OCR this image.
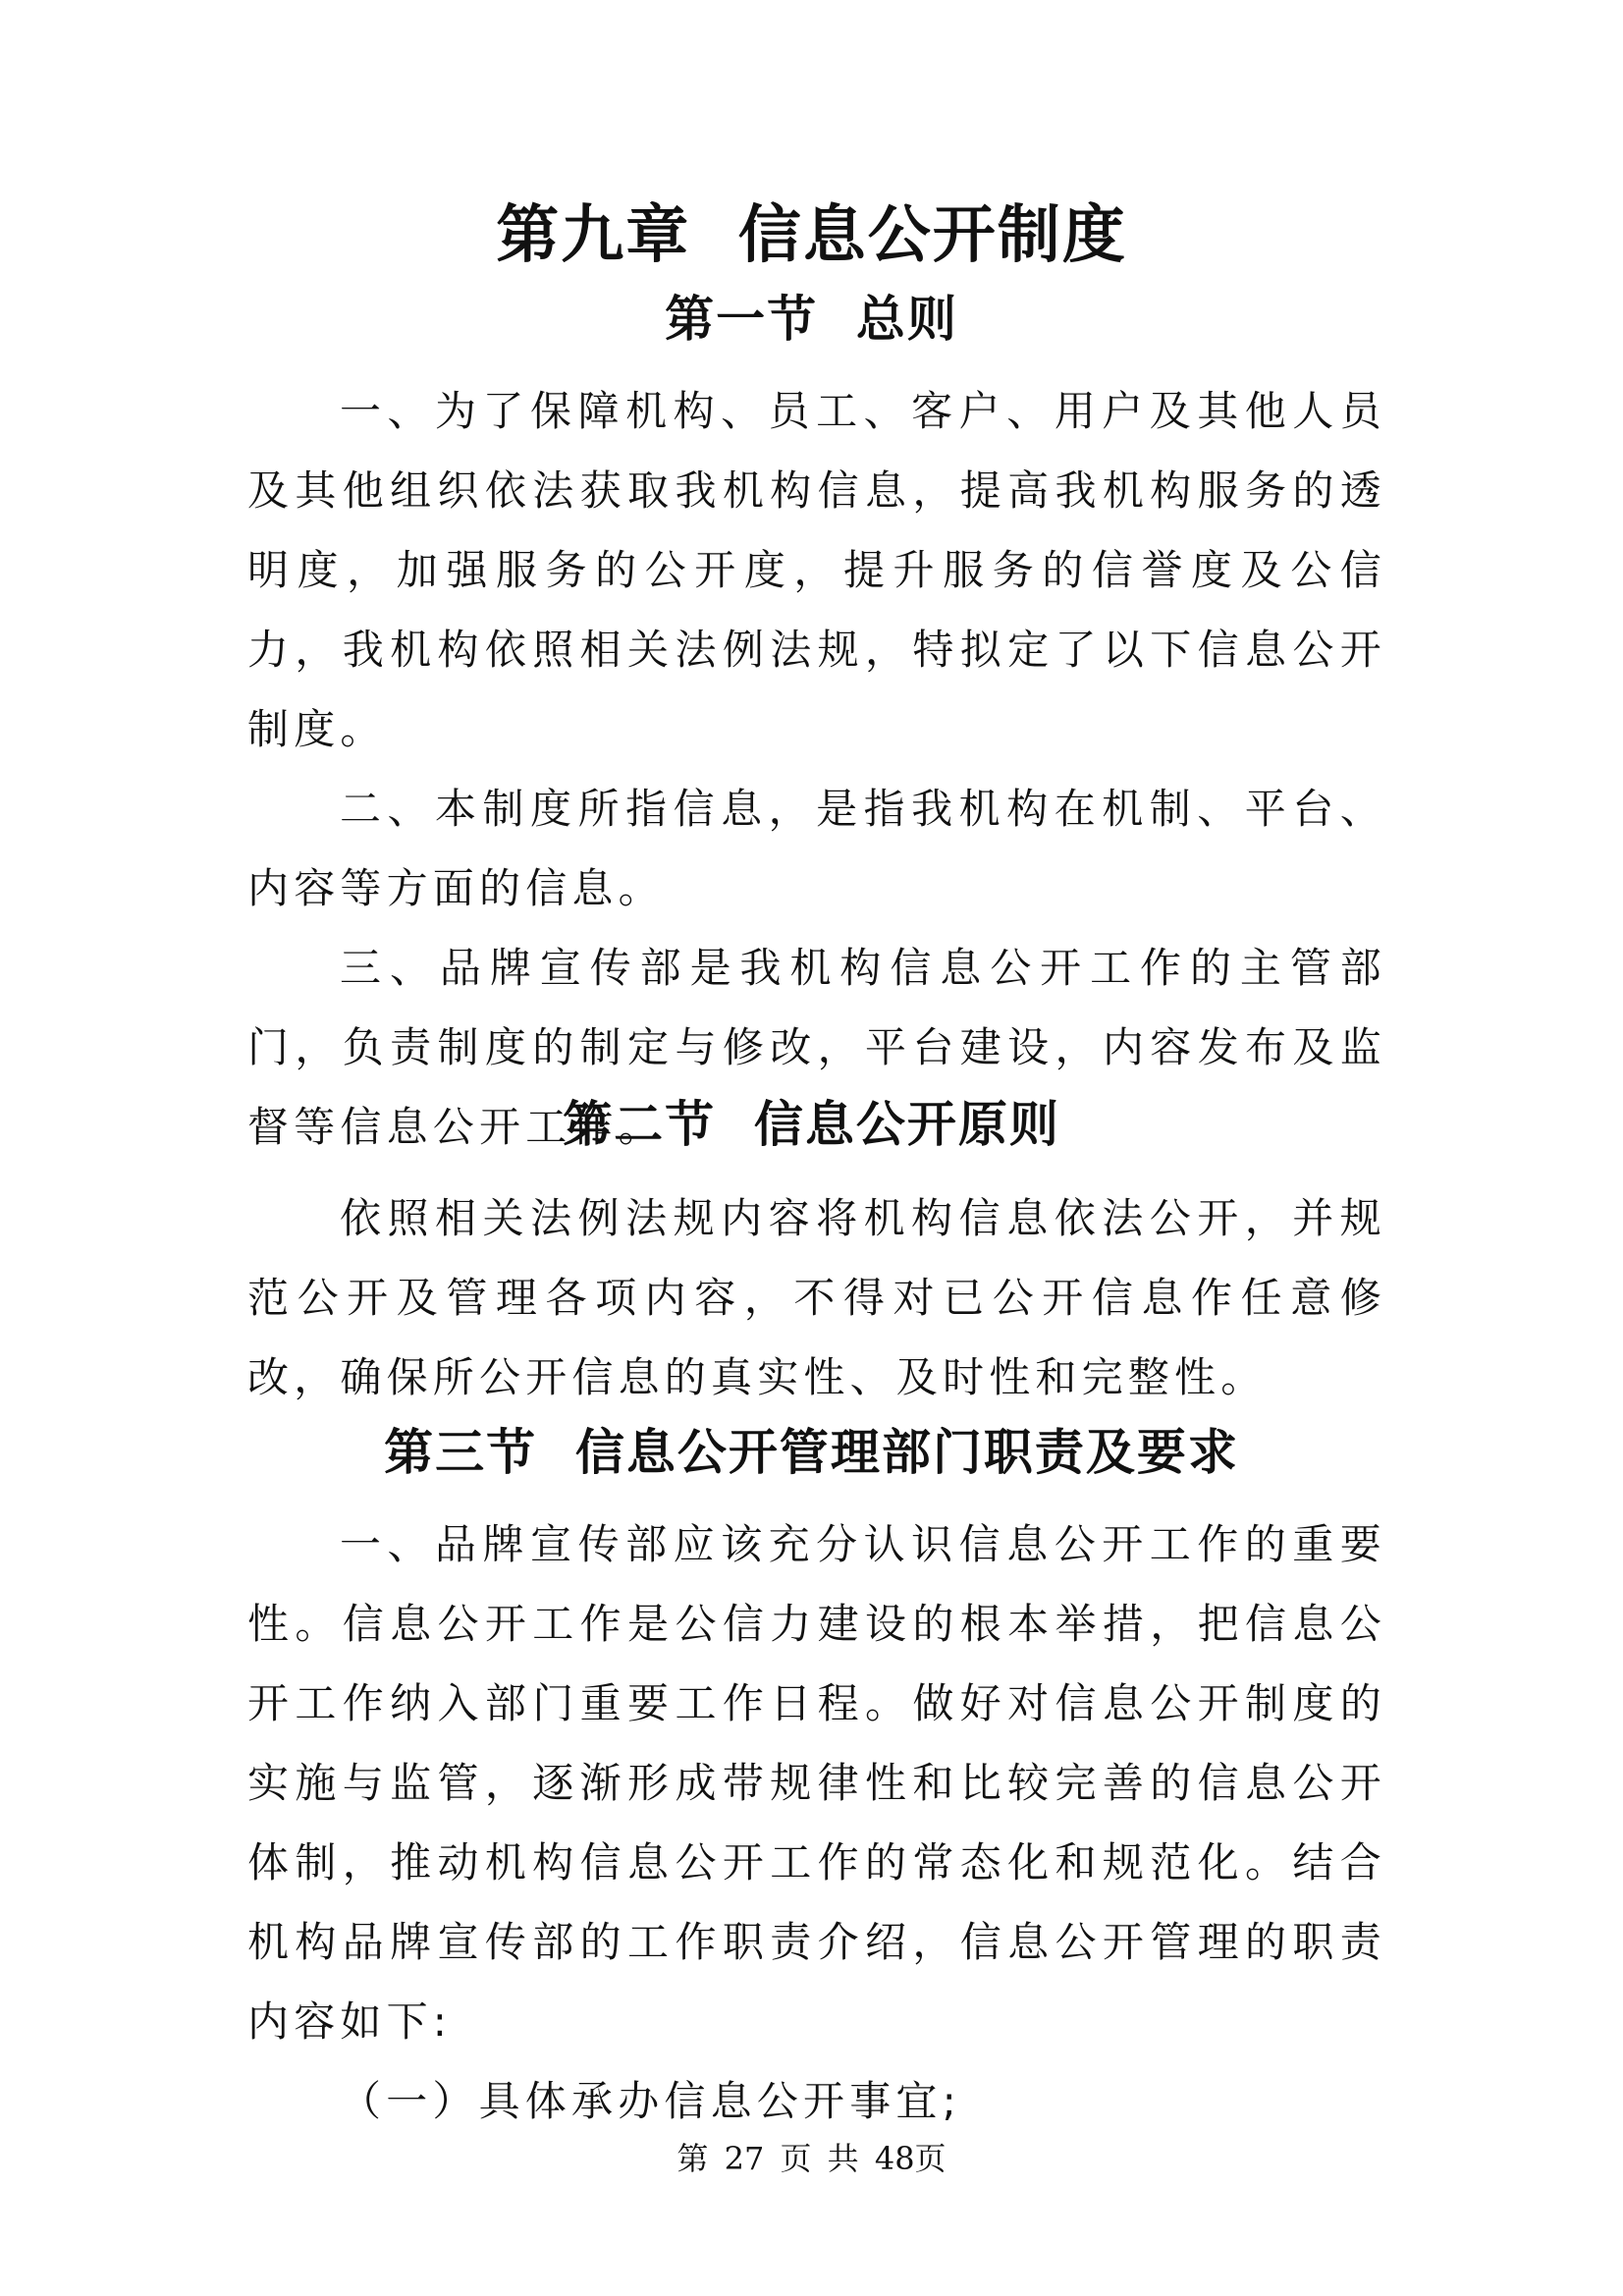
第九章  信息公开制度
第一节  总则

一、为了保障机构、员工、客户、用户及其他人员及其他组织依法获取我机构信息，提高我机构服务的透明度，加强服务的公开度，提升服务的信誉度及公信力，我机构依照相关法例法规，特拟定了以下信息公开制度。

二、本制度所指信息，是指我机构在机制、平台、内容等方面的信息。

三、品牌宣传部是我机构信息公开工作的主管部门，负责制度的制定与修改，平台建设，内容发布及监督等信息公开工作。

第二节  信息公开原则

依照相关法例法规内容将机构信息依法公开，并规范公开及管理各项内容，不得对已公开信息作任意修改，确保所公开信息的真实性、及时性和完整性。

第三节  信息公开管理部门职责及要求

一、品牌宣传部应该充分认识信息公开工作的重要性。信息公开工作是公信力建设的根本举措，把信息公开工作纳入部门重要工作日程。做好对信息公开制度的实施与监管，逐渐形成带规律性和比较完善的信息公开体制，推动机构信息公开工作的常态化和规范化。结合机构品牌宣传部的工作职责介绍，信息公开管理的职责内容如下:

（一）具体承办信息公开事宜;

第 27 页 共 48页
